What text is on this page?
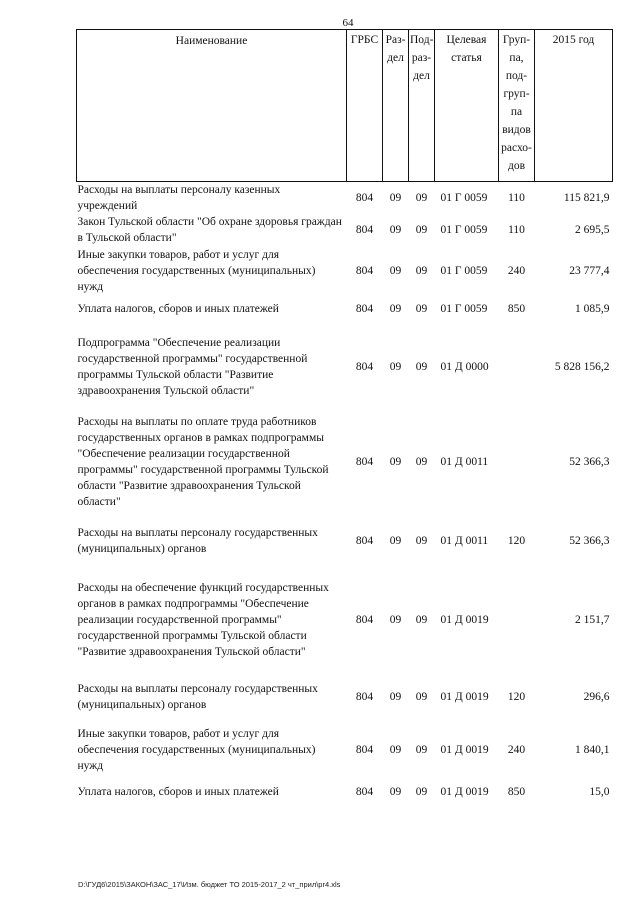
64
Наименование	ГРБС	Раз-дел	Под-раз-дел	Целевая статья	Груп-па, под-груп-па видов расхо-дов	2015 год
Расходы на выплаты персоналу казенных учреждений	804	09	09	01 Г 0059	110	115 821,9
Закон Тульской области "Об охране здоровья граждан в Тульской области"	804	09	09	01 Г 0059	110	2 695,5
Иные закупки товаров, работ и услуг для обеспечения государственных (муниципальных) нужд	804	09	09	01 Г 0059	240	23 777,4
Уплата налогов, сборов и иных платежей	804	09	09	01 Г 0059	850	1 085,9
Подпрограмма "Обеспечение реализации государственной программы" государственной программы Тульской области "Развитие здравоохранения Тульской области"	804	09	09	01 Д 0000		5 828 156,2
Расходы на выплаты по оплате труда работников государственных органов в рамках подпрограммы "Обеспечение реализации государственной программы" государственной программы Тульской области "Развитие здравоохранения Тульской области"	804	09	09	01 Д 0011		52 366,3
Расходы на выплаты персоналу государственных (муниципальных) органов	804	09	09	01 Д 0011	120	52 366,3
Расходы на обеспечение функций государственных органов в рамках подпрограммы "Обеспечение реализации государственной программы" государственной программы Тульской области "Развитие здравоохранения Тульской области"	804	09	09	01 Д 0019		2 151,7
Расходы на выплаты персоналу государственных (муниципальных) органов	804	09	09	01 Д 0019	120	296,6
Иные закупки товаров, работ и услуг для обеспечения государственных (муниципальных) нужд	804	09	09	01 Д 0019	240	1 840,1
Уплата налогов, сборов и иных платежей	804	09	09	01 Д 0019	850	15,0
D:\ГУД6\2015\ЗАКОН\ЗАС_17\Изм. бюджет ТО 2015-2017_2 чт_прил\pr4.xls
